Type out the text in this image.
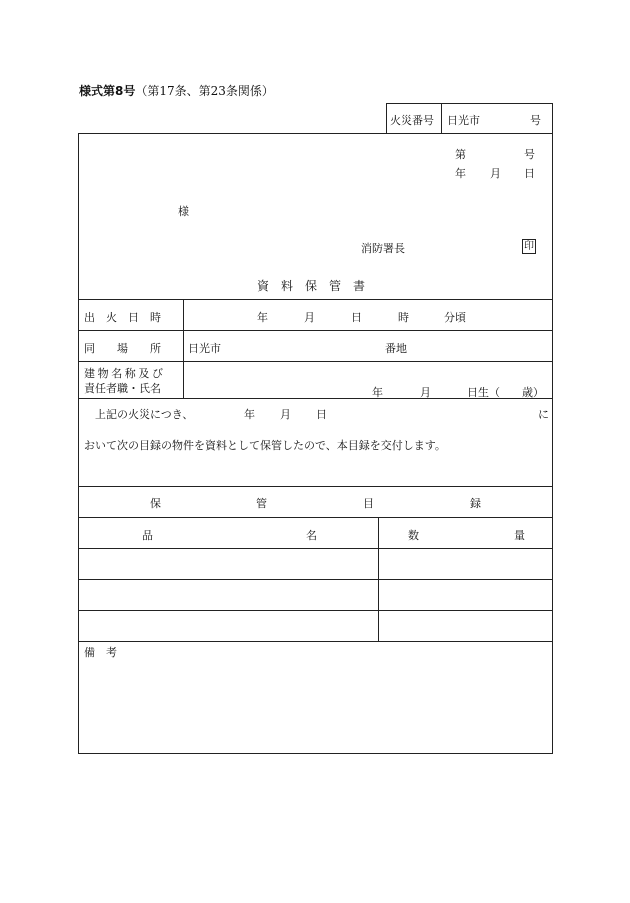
様式第8号（第17条、第23条関係）
火災番号 日光市	号
第	号
年 月 日
様
消防署長	印
資　料　保　管　書
出　火　日　時	年	月	日	時	分頃
同　　場　　所 日光市	番地
建物名称及び
責任者職・氏名	年	月	日生（ 歳）
上記の火災につき、	年 月 日	に
おいて次の目録の物件を資料として保管したので、本目録を交付します。
保	管	目	録
品	名	数	量
備　考
